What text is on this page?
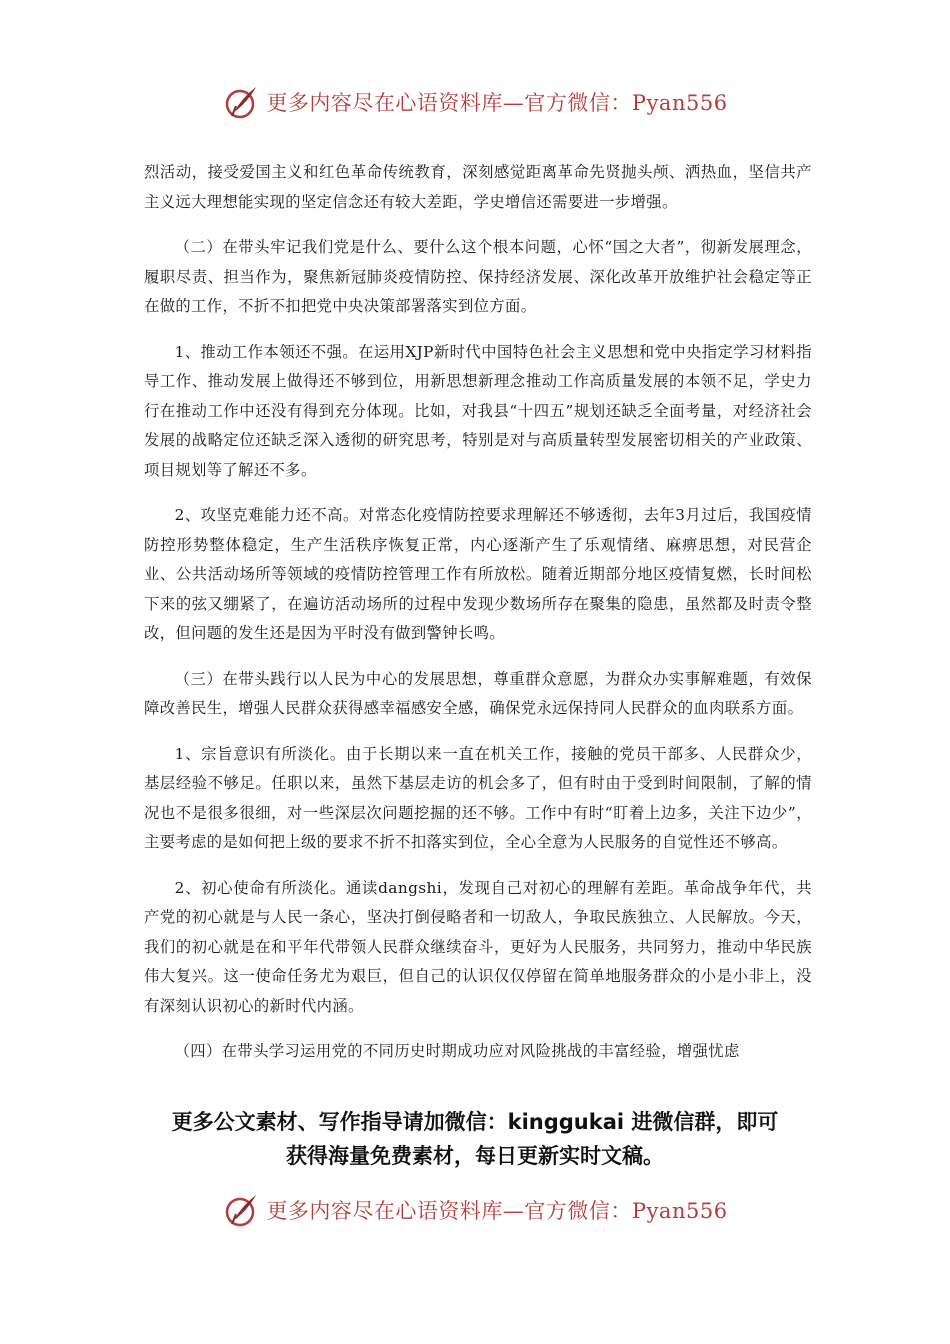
更多内容尽在心语资料库—官方微信：Pyan556

烈活动，接受爱国主义和红色革命传统教育，深刻感觉距离革命先贤抛头颅、洒热血，坚信共产主义远大理想能实现的坚定信念还有较大差距，学史增信还需要进一步增强。

（二）在带头牢记我们党是什么、要什么这个根本问题，心怀“国之大者”，彻新发展理念，履职尽责、担当作为，聚焦新冠肺炎疫情防控、保持经济发展、深化改革开放维护社会稳定等正在做的工作，不折不扣把党中央决策部署落实到位方面。

1、推动工作本领还不强。在运用XJP新时代中国特色社会主义思想和党中央指定学习材料指导工作、推动发展上做得还不够到位，用新思想新理念推动工作高质量发展的本领不足，学史力行在推动工作中还没有得到充分体现。比如，对我县“十四五”规划还缺乏全面考量，对经济社会发展的战略定位还缺乏深入透彻的研究思考，特别是对与高质量转型发展密切相关的产业政策、项目规划等了解还不多。

2、攻坚克难能力还不高。对常态化疫情防控要求理解还不够透彻，去年3月过后，我国疫情防控形势整体稳定，生产生活秩序恢复正常，内心逐渐产生了乐观情绪、麻痹思想，对民营企业、公共活动场所等领域的疫情防控管理工作有所放松。随着近期部分地区疫情复燃，长时间松下来的弦又绷紧了，在遍访活动场所的过程中发现少数场所存在聚集的隐患，虽然都及时责令整改，但问题的发生还是因为平时没有做到警钟长鸣。

（三）在带头践行以人民为中心的发展思想，尊重群众意愿，为群众办实事解难题，有效保障改善民生，增强人民群众获得感幸福感安全感，确保党永远保持同人民群众的血肉联系方面。

1、宗旨意识有所淡化。由于长期以来一直在机关工作，接触的党员干部多、人民群众少，基层经验不够足。任职以来，虽然下基层走访的机会多了，但有时由于受到时间限制，了解的情况也不是很多很细，对一些深层次问题挖掘的还不够。工作中有时“盯着上边多，关注下边少”，主要考虑的是如何把上级的要求不折不扣落实到位，全心全意为人民服务的自觉性还不够高。

2、初心使命有所淡化。通读dangshi，发现自己对初心的理解有差距。革命战争年代，共产党的初心就是与人民一条心，坚决打倒侵略者和一切敌人，争取民族独立、人民解放。今天，我们的初心就是在和平年代带领人民群众继续奋斗，更好为人民服务，共同努力，推动中华民族伟大复兴。这一使命任务尤为艰巨，但自己的认识仅仅停留在简单地服务群众的小是小非上，没有深刻认识初心的新时代内涵。

（四）在带头学习运用党的不同历史时期成功应对风险挑战的丰富经验，增强忧虑

更多公文素材、写作指导请加微信：kinggukai 进微信群，即可
获得海量免费素材，每日更新实时文稿。
更多内容尽在心语资料库—官方微信：Pyan556
